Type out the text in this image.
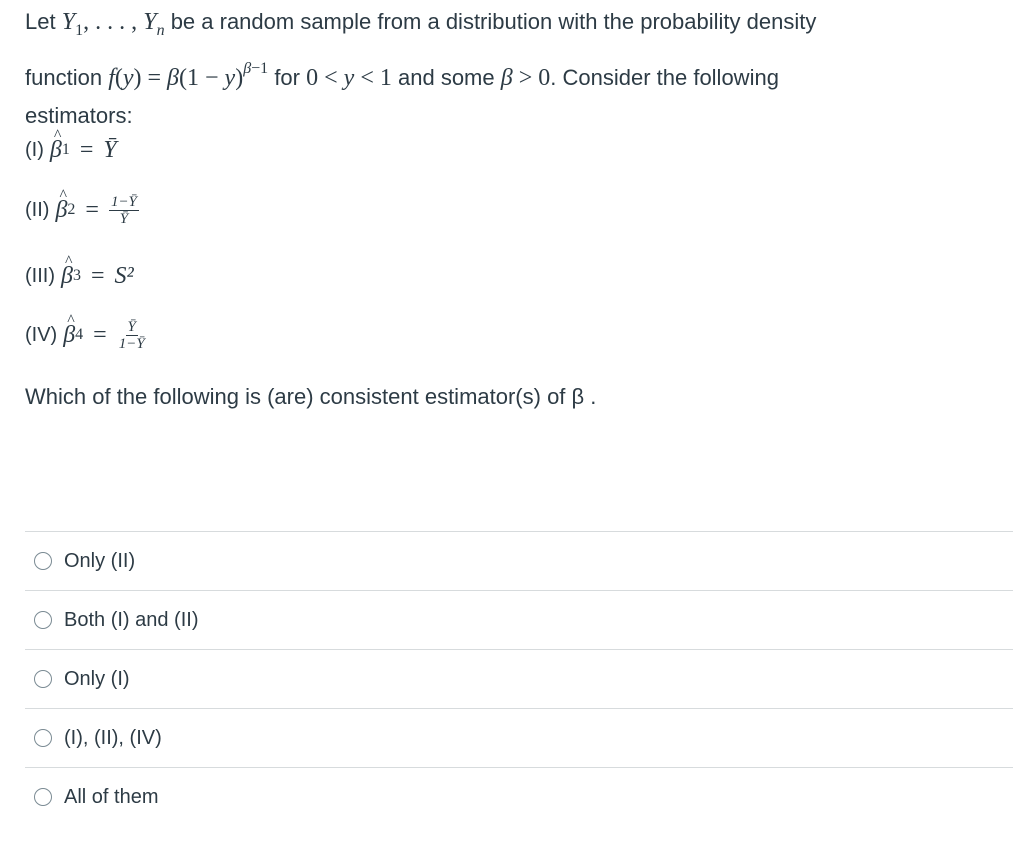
Let $Y_1$, . . . , $Y_n$ be a random sample from a distribution with the probability density
function $f(y) = \beta(1 - y)^{\beta-1}$ for 0 < y < 1 and some β > 0. Consider the following
estimators:

(I) ^ β 1 = Ȳ
(II) ^ β $2 = \frac{1-Ȳ}{Ȳ}$
(III) ^ β 3 = S²
(IV) ^ β $4 = \frac{Ȳ}{1-Ȳ}$
Which of the following is (are) consistent estimator(s) of β .
Only (II)
Both (I) and (II)
Only (I)
(I), (II), (IV)
All of them
